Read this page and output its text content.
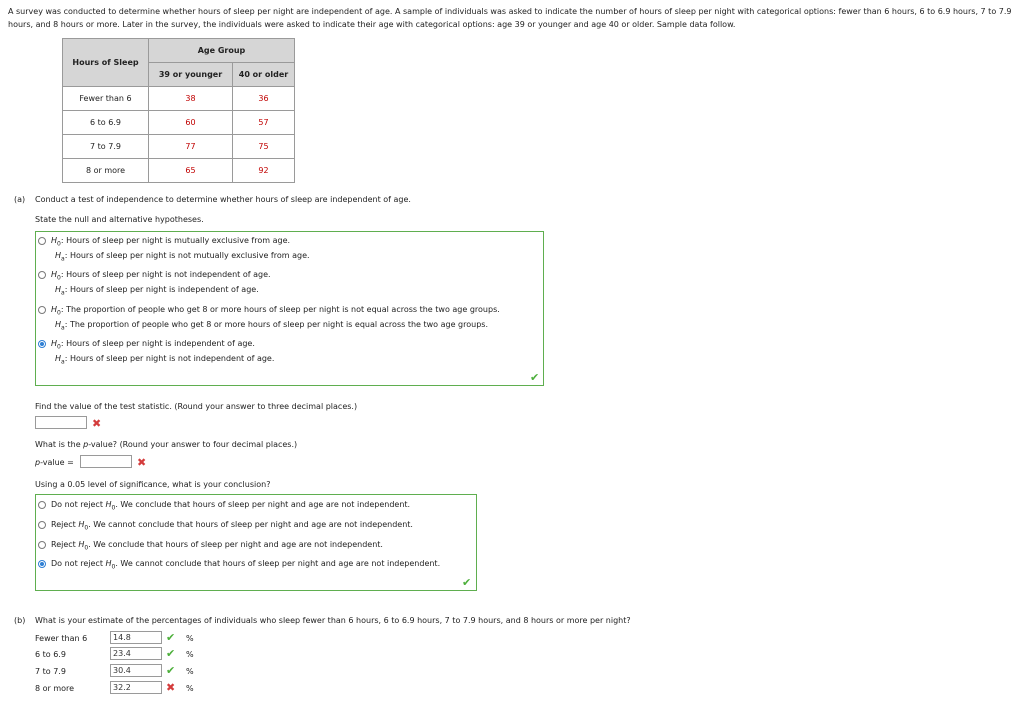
A survey was conducted to determine whether hours of sleep per night are independent of age. A sample of individuals was asked to indicate the number of hours of sleep per night with categorical options: fewer than 6 hours, 6 to 6.9 hours, 7 to 7.9 hours, and 8 hours or more. Later in the survey, the individuals were asked to indicate their age with categorical options: age 39 or younger and age 40 or older. Sample data follow.
Hours of Sleep	Age Group	
	39 or younger	40 or older
Fewer than 6	38	36
6 to 6.9	60	57
7 to 7.9	77	75
8 or more	65	92
(a) Conduct a test of independence to determine whether hours of sleep are independent of age.
State the null and alternative hypotheses.
$H_0$: Hours of sleep per night is mutually exclusive from age.
$H_a$: Hours of sleep per night is not mutually exclusive from age.
$H_0$: Hours of sleep per night is not independent of age.
$H_a$: Hours of sleep per night is independent of age.
$H_0$: The proportion of people who get 8 or more hours of sleep per night is not equal across the two age groups.
$H_a$: The proportion of people who get 8 or more hours of sleep per night is equal across the two age groups.
$H_0$: Hours of sleep per night is independent of age.
$H_a$: Hours of sleep per night is not independent of age.
✔
Find the value of the test statistic. (Round your answer to three decimal places.)
✖
What is the p-value? (Round your answer to four decimal places.)
p-value =	✖
Using a 0.05 level of significance, what is your conclusion?
Do not reject $H_0$. We conclude that hours of sleep per night and age are not independent.
Reject $H_0$. We cannot conclude that hours of sleep per night and age are not independent.
Reject $H_0$. We conclude that hours of sleep per night and age are not independent.
Do not reject $H_0$. We cannot conclude that hours of sleep per night and age are not independent.
✔
(b) What is your estimate of the percentages of individuals who sleep fewer than 6 hours, 6 to 6.9 hours, 7 to 7.9 hours, and 8 hours or more per night?
Fewer than 6	14.8	✔ %
6 to 6.9	23.4	✔ %
7 to 7.9	30.4	✔ %
8 or more	32.2	✖ %
